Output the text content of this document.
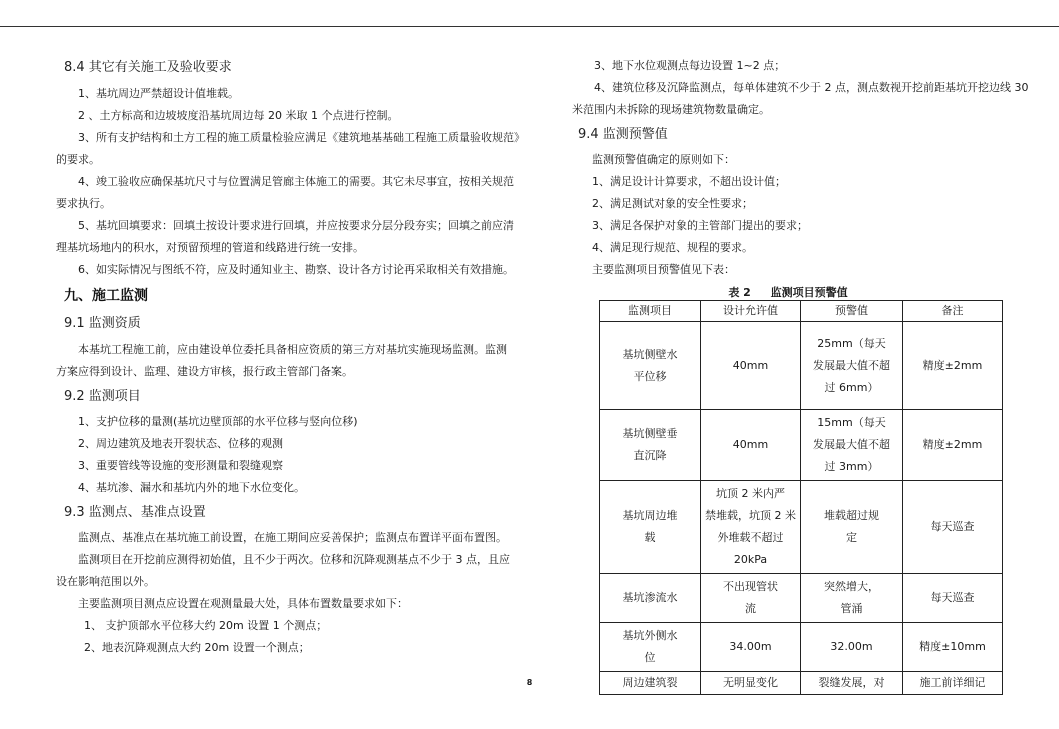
8.4 其它有关施工及验收要求
1、基坑周边严禁超设计值堆载。
2 、土方标高和边坡坡度沿基坑周边每 20 米取 1 个点进行控制。
3、所有支护结构和土方工程的施工质量检验应满足《建筑地基基础工程施工质量验收规范》
的要求。
4、竣工验收应确保基坑尺寸与位置满足管廊主体施工的需要。其它未尽事宜，按相关规范
要求执行。
5、基坑回填要求：回填土按设计要求进行回填，并应按要求分层分段夯实；回填之前应清
理基坑场地内的积水，对预留预埋的管道和线路进行统一安排。
6、如实际情况与图纸不符，应及时通知业主、勘察、设计各方讨论再采取相关有效措施。
九、施工监测
9.1 监测资质
本基坑工程施工前，应由建设单位委托具备相应资质的第三方对基坑实施现场监测。监测
方案应得到设计、监理、建设方审核，报行政主管部门备案。
9.2 监测项目
1、支护位移的量测(基坑边壁顶部的水平位移与竖向位移)
2、周边建筑及地表开裂状态、位移的观测
3、重要管线等设施的变形测量和裂缝观察
4、基坑渗、漏水和基坑内外的地下水位变化。
9.3 监测点、基准点设置
监测点、基准点在基坑施工前设置，在施工期间应妥善保护；监测点布置详平面布置图。
监测项目在开挖前应测得初始值，且不少于两次。位移和沉降观测基点不少于 3 点，且应
设在影响范围以外。
主要监测项目测点应设置在观测量最大处，具体布置数量要求如下：
1、 支护顶部水平位移大约 20m 设置 1 个测点；
2、地表沉降观测点大约 20m 设置一个测点；
3、地下水位观测点每边设置 1~2 点；
4、建筑位移及沉降监测点，每单体建筑不少于 2 点，测点数视开挖前距基坑开挖边线 30
米范围内未拆除的现场建筑物数量确定。
9.4 监测预警值
监测预警值确定的原则如下：
1、满足设计计算要求，不超出设计值；
2、满足测试对象的安全性要求；
3、满足各保护对象的主管部门提出的要求；
4、满足现行规范、规程的要求。
主要监测项目预警值见下表：
表 2 监测项目预警值
监测项目	设计允许值	预警值	备注
基坑侧壁水
平位移	40mm	25mm（每天
发展最大值不超
过 6mm）	精度±2mm
基坑侧壁垂
直沉降	40mm	15mm（每天
发展最大值不超
过 3mm）	精度±2mm
基坑周边堆
载	坑顶 2 米内严
禁堆载，坑顶 2 米
外堆载不超过
20kPa	堆载超过规
定	每天巡查
基坑渗流水	不出现管状
流	突然增大，
管涌	每天巡查
基坑外侧水
位	34.00m	32.00m	精度±10mm
周边建筑裂	无明显变化	裂缝发展，对	施工前详细记
8
